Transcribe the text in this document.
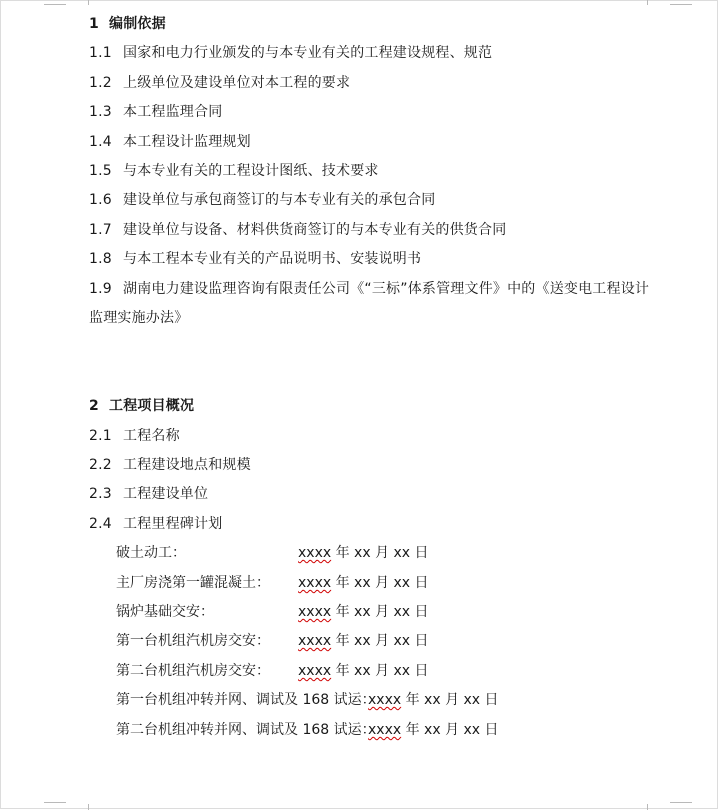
1 编制依据
1.1 国家和电力行业颁发的与本专业有关的工程建设规程、规范
1.2 上级单位及建设单位对本工程的要求
1.3 本工程监理合同
1.4 本工程设计监理规划
1.5 与本专业有关的工程设计图纸、技术要求
1.6 建设单位与承包商签订的与本专业有关的承包合同
1.7 建设单位与设备、材料供货商签订的与本专业有关的供货合同
1.8 与本工程本专业有关的产品说明书、安装说明书
1.9 湖南电力建设监理咨询有限责任公司《“三标”体系管理文件》中的《送变电工程设计
监理实施办法》
2 工程项目概况
2.1 工程名称
2.2 工程建设地点和规模
2.3 工程建设单位
2.4 工程里程碑计划
破土动工：	xxxx 年 xx 月 xx 日
主厂房浇第一罐混凝土： xxxx 年 xx 月 xx 日
锅炉基础交安：	xxxx 年 xx 月 xx 日
第一台机组汽机房交安： xxxx 年 xx 月 xx 日
第二台机组汽机房交安： xxxx 年 xx 月 xx 日
第一台机组冲转并网、调试及 168 试运：
xxxx 年 xx 月 xx 日
第二台机组冲转并网、调试及 168 试运：
xxxx 年 xx 月 xx 日
